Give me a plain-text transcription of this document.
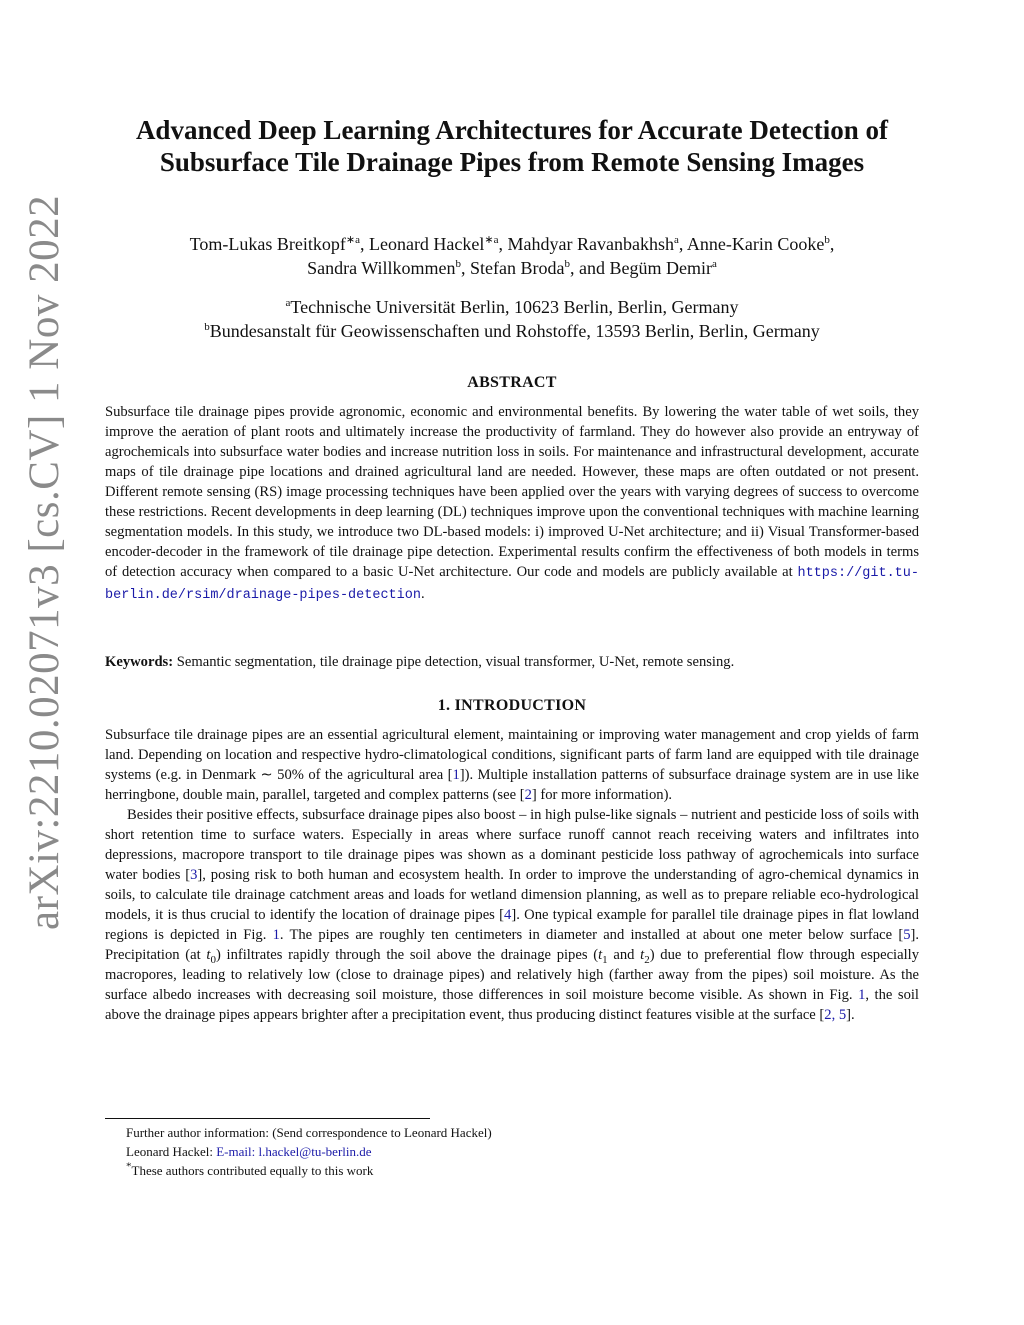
arXiv:2210.02071v3 [cs.CV] 1 Nov 2022
Advanced Deep Learning Architectures for Accurate Detection of Subsurface Tile Drainage Pipes from Remote Sensing Images
Tom-Lukas Breitkopf$^{∗a}$, Leonard Hackel$^{∗a}$, Mahdyar Ravanbakhsh$^a$, Anne-Karin Cooke$^b$,
Sandra Willkommen$^b$, Stefan Broda$^b$, and Begüm Demir$^a$
$^a$Technische Universität Berlin, 10623 Berlin, Berlin, Germany
$^b$Bundesanstalt für Geowissenschaften und Rohstoffe, 13593 Berlin, Berlin, Germany
ABSTRACT
Subsurface tile drainage pipes provide agronomic, economic and environmental benefits. By lowering the water table of wet soils, they improve the aeration of plant roots and ultimately increase the productivity of farmland. They do however also provide an entryway of agrochemicals into subsurface water bodies and increase nutrition loss in soils. For maintenance and infrastructural development, accurate maps of tile drainage pipe locations and drained agricultural land are needed. However, these maps are often outdated or not present. Different remote sensing (RS) image processing techniques have been applied over the years with varying degrees of success to overcome these restrictions. Recent developments in deep learning (DL) techniques improve upon the conventional techniques with machine learning segmentation models. In this study, we introduce two DL-based models: i) improved U-Net architecture; and ii) Visual Transformer-based encoder-decoder in the framework of tile drainage pipe detection. Experimental results confirm the effectiveness of both models in terms of detection accuracy when compared to a basic U-Net architecture. Our code and models are publicly available at https://git.tu-berlin.de/rsim/drainage-pipes-detection.
Keywords: Semantic segmentation, tile drainage pipe detection, visual transformer, U-Net, remote sensing.
1. INTRODUCTION
Subsurface tile drainage pipes are an essential agricultural element, maintaining or improving water management and crop yields of farm land. Depending on location and respective hydro-climatological conditions, significant parts of farm land are equipped with tile drainage systems (e.g. in Denmark ∼ 50% of the agricultural area [1]). Multiple installation patterns of subsurface drainage system are in use like herringbone, double main, parallel, targeted and complex patterns (see [2] for more information).
Besides their positive effects, subsurface drainage pipes also boost – in high pulse-like signals – nutrient and pesticide loss of soils with short retention time to surface waters. Especially in areas where surface runoff cannot reach receiving waters and infiltrates into depressions, macropore transport to tile drainage pipes was shown as a dominant pesticide loss pathway of agrochemicals into surface water bodies [3], posing risk to both human and ecosystem health. In order to improve the understanding of agro-chemical dynamics in soils, to calculate tile drainage catchment areas and loads for wetland dimension planning, as well as to prepare reliable eco-hydrological models, it is thus crucial to identify the location of drainage pipes [4]. One typical example for parallel tile drainage pipes in flat lowland regions is depicted in Fig. 1. The pipes are roughly ten centimeters in diameter and installed at about one meter below surface [5]. Precipitation (at $t_0$) infiltrates rapidly through the soil above the drainage pipes ($t_1$ and $t_2$) due to preferential flow through especially macropores, leading to relatively low (close to drainage pipes) and relatively high (farther away from the pipes) soil moisture. As the surface albedo increases with decreasing soil moisture, those differences in soil moisture become visible. As shown in Fig. 1, the soil above the drainage pipes appears brighter after a precipitation event, thus producing distinct features visible at the surface [2, 5].
Further author information: (Send correspondence to Leonard Hackel)
Leonard Hackel: E-mail: l.hackel@tu-berlin.de
*These authors contributed equally to this work
